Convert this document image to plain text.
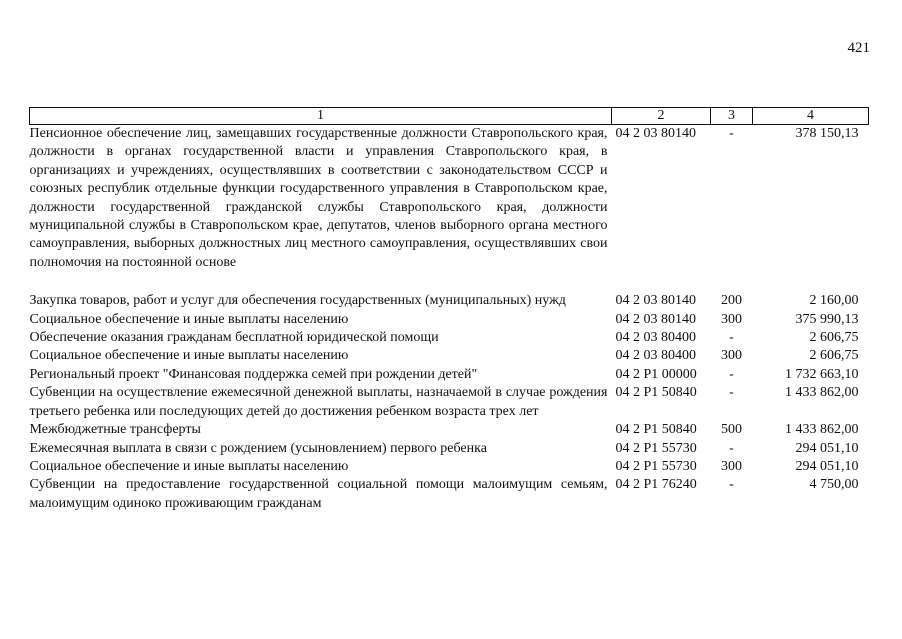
421
1	2	3	4
Пенсионное обеспечение лиц, замещавших государственные должности Ставропольского края, должности в органах государственной власти и управления Ставропольского края, в организациях и учреждениях, осуществлявших в соответствии с законодательством СССР и союзных республик отдельные функции государственного управления в Ставропольском крае, должности государственной гражданской службы Ставропольского края, должности муниципальной службы в Ставропольском крае, депутатов, членов выборного органа местного самоуправления, выборных должностных лиц местного самоуправления, осуществлявших свои полномочия на постоянной основе	04 2 03 80140	-	378 150,13

Закупка товаров, работ и услуг для обеспечения государственных (муниципальных) нужд	04 2 03 80140	200	2 160,00
Социальное обеспечение и иные выплаты населению	04 2 03 80140	300	375 990,13
Обеспечение оказания гражданам бесплатной юридической помощи	04 2 03 80400	-	2 606,75
Социальное обеспечение и иные выплаты населению	04 2 03 80400	300	2 606,75
Региональный проект "Финансовая поддержка семей при рождении детей"	04 2 P1 00000	-	1 732 663,10
Субвенции на осуществление ежемесячной денежной выплаты, назначаемой в случае рождения третьего ребенка или последующих детей до достижения ребенком возраста трех лет	04 2 P1 50840	-	1 433 862,00
Межбюджетные трансферты	04 2 P1 50840	500	1 433 862,00
Ежемесячная выплата в связи с рождением (усыновлением) первого ребенка	04 2 P1 55730	-	294 051,10
Социальное обеспечение и иные выплаты населению	04 2 P1 55730	300	294 051,10
Субвенции на предоставление государственной социальной помощи малоимущим семьям, малоимущим одиноко проживающим гражданам	04 2 P1 76240	-	4 750,00
